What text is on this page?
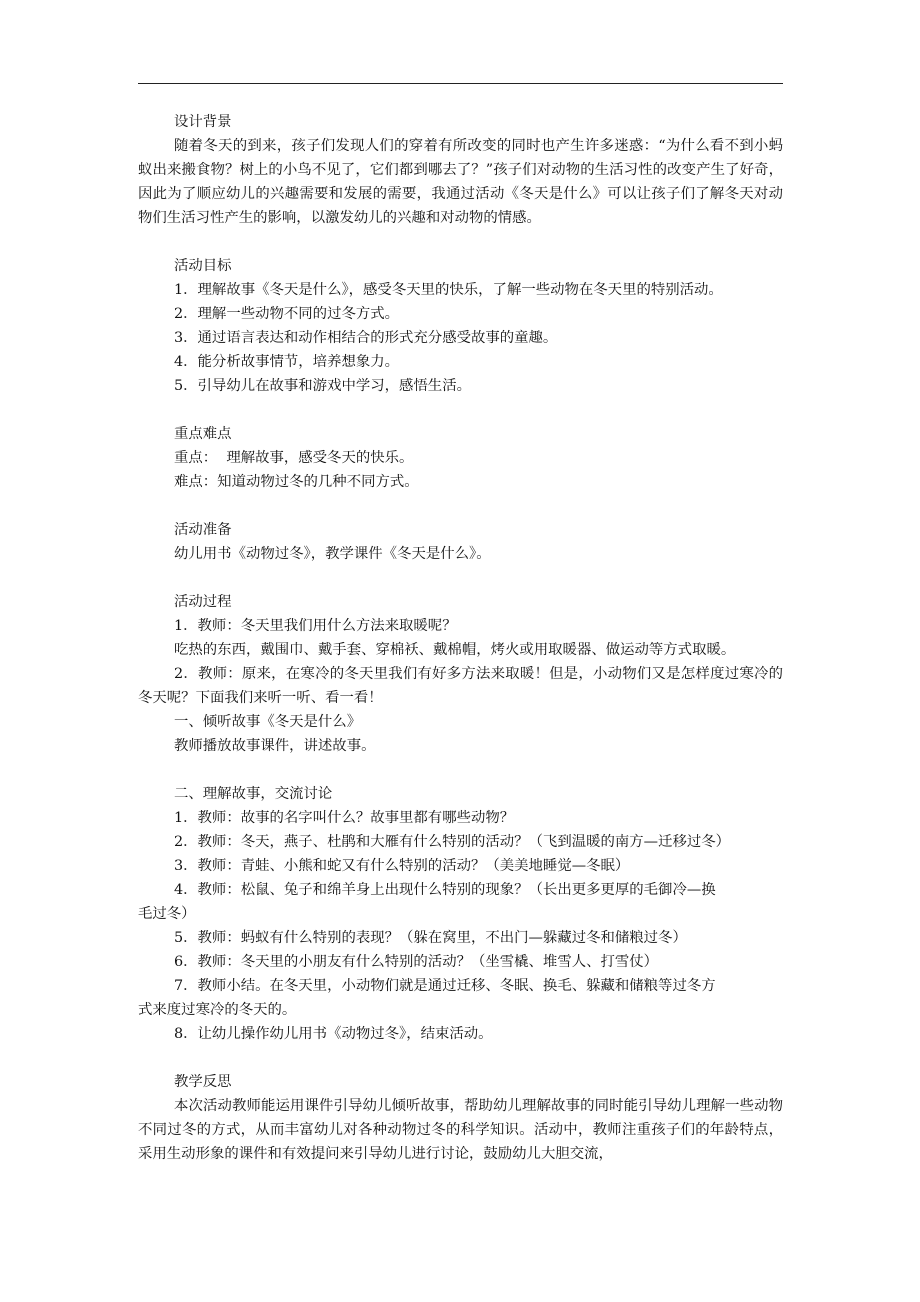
设计背景

随着冬天的到来，孩子们发现人们的穿着有所改变的同时也产生许多迷惑：“为什么看不到小蚂蚁出来搬食物？树上的小鸟不见了，它们都到哪去了？”孩子们对动物的生活习性的改变产生了好奇，因此为了顺应幼儿的兴趣需要和发展的需要，我通过活动《冬天是什么》可以让孩子们了解冬天对动物们生活习性产生的影响，以激发幼儿的兴趣和对动物的情感。

活动目标

1．理解故事《冬天是什么》，感受冬天里的快乐，了解一些动物在冬天里的特别活动。

2．理解一些动物不同的过冬方式。

3．通过语言表达和动作相结合的形式充分感受故事的童趣。

4．能分析故事情节，培养想象力。

5．引导幼儿在故事和游戏中学习，感悟生活。

重点难点

重点：  理解故事，感受冬天的快乐。

难点：知道动物过冬的几种不同方式。

活动准备

幼儿用书《动物过冬》，教学课件《冬天是什么》。

活动过程

1．教师：冬天里我们用什么方法来取暖呢？

吃热的东西，戴围巾、戴手套、穿棉袄、戴棉帽，烤火或用取暖器、做运动等方式取暖。

2．教师：原来，在寒冷的冬天里我们有好多方法来取暖！但是，小动物们又是怎样度过寒冷的冬天呢？下面我们来听一听、看一看！

一、倾听故事《冬天是什么》

教师播放故事课件，讲述故事。

二、理解故事，交流讨论

1．教师：故事的名字叫什么？故事里都有哪些动物？

2．教师：冬天，燕子、杜鹃和大雁有什么特别的活动？（飞到温暖的南方—迁移过冬）

3．教师：青蛙、小熊和蛇又有什么特别的活动？（美美地睡觉—冬眠）

4．教师：松鼠、兔子和绵羊身上出现什么特别的现象？（长出更多更厚的毛御冷—换

毛过冬）

5．教师：蚂蚁有什么特别的表现？（躲在窝里，不出门—躲藏过冬和储粮过冬）

6．教师：冬天里的小朋友有什么特别的活动？（坐雪橇、堆雪人、打雪仗）

7．教师小结。在冬天里，小动物们就是通过迁移、冬眠、换毛、躲藏和储粮等过冬方

式来度过寒冷的冬天的。

8．让幼儿操作幼儿用书《动物过冬》，结束活动。

教学反思

本次活动教师能运用课件引导幼儿倾听故事，帮助幼儿理解故事的同时能引导幼儿理解一些动物不同过冬的方式，从而丰富幼儿对各种动物过冬的科学知识。活动中，教师注重孩子们的年龄特点，采用生动形象的课件和有效提问来引导幼儿进行讨论，鼓励幼儿大胆交流，
